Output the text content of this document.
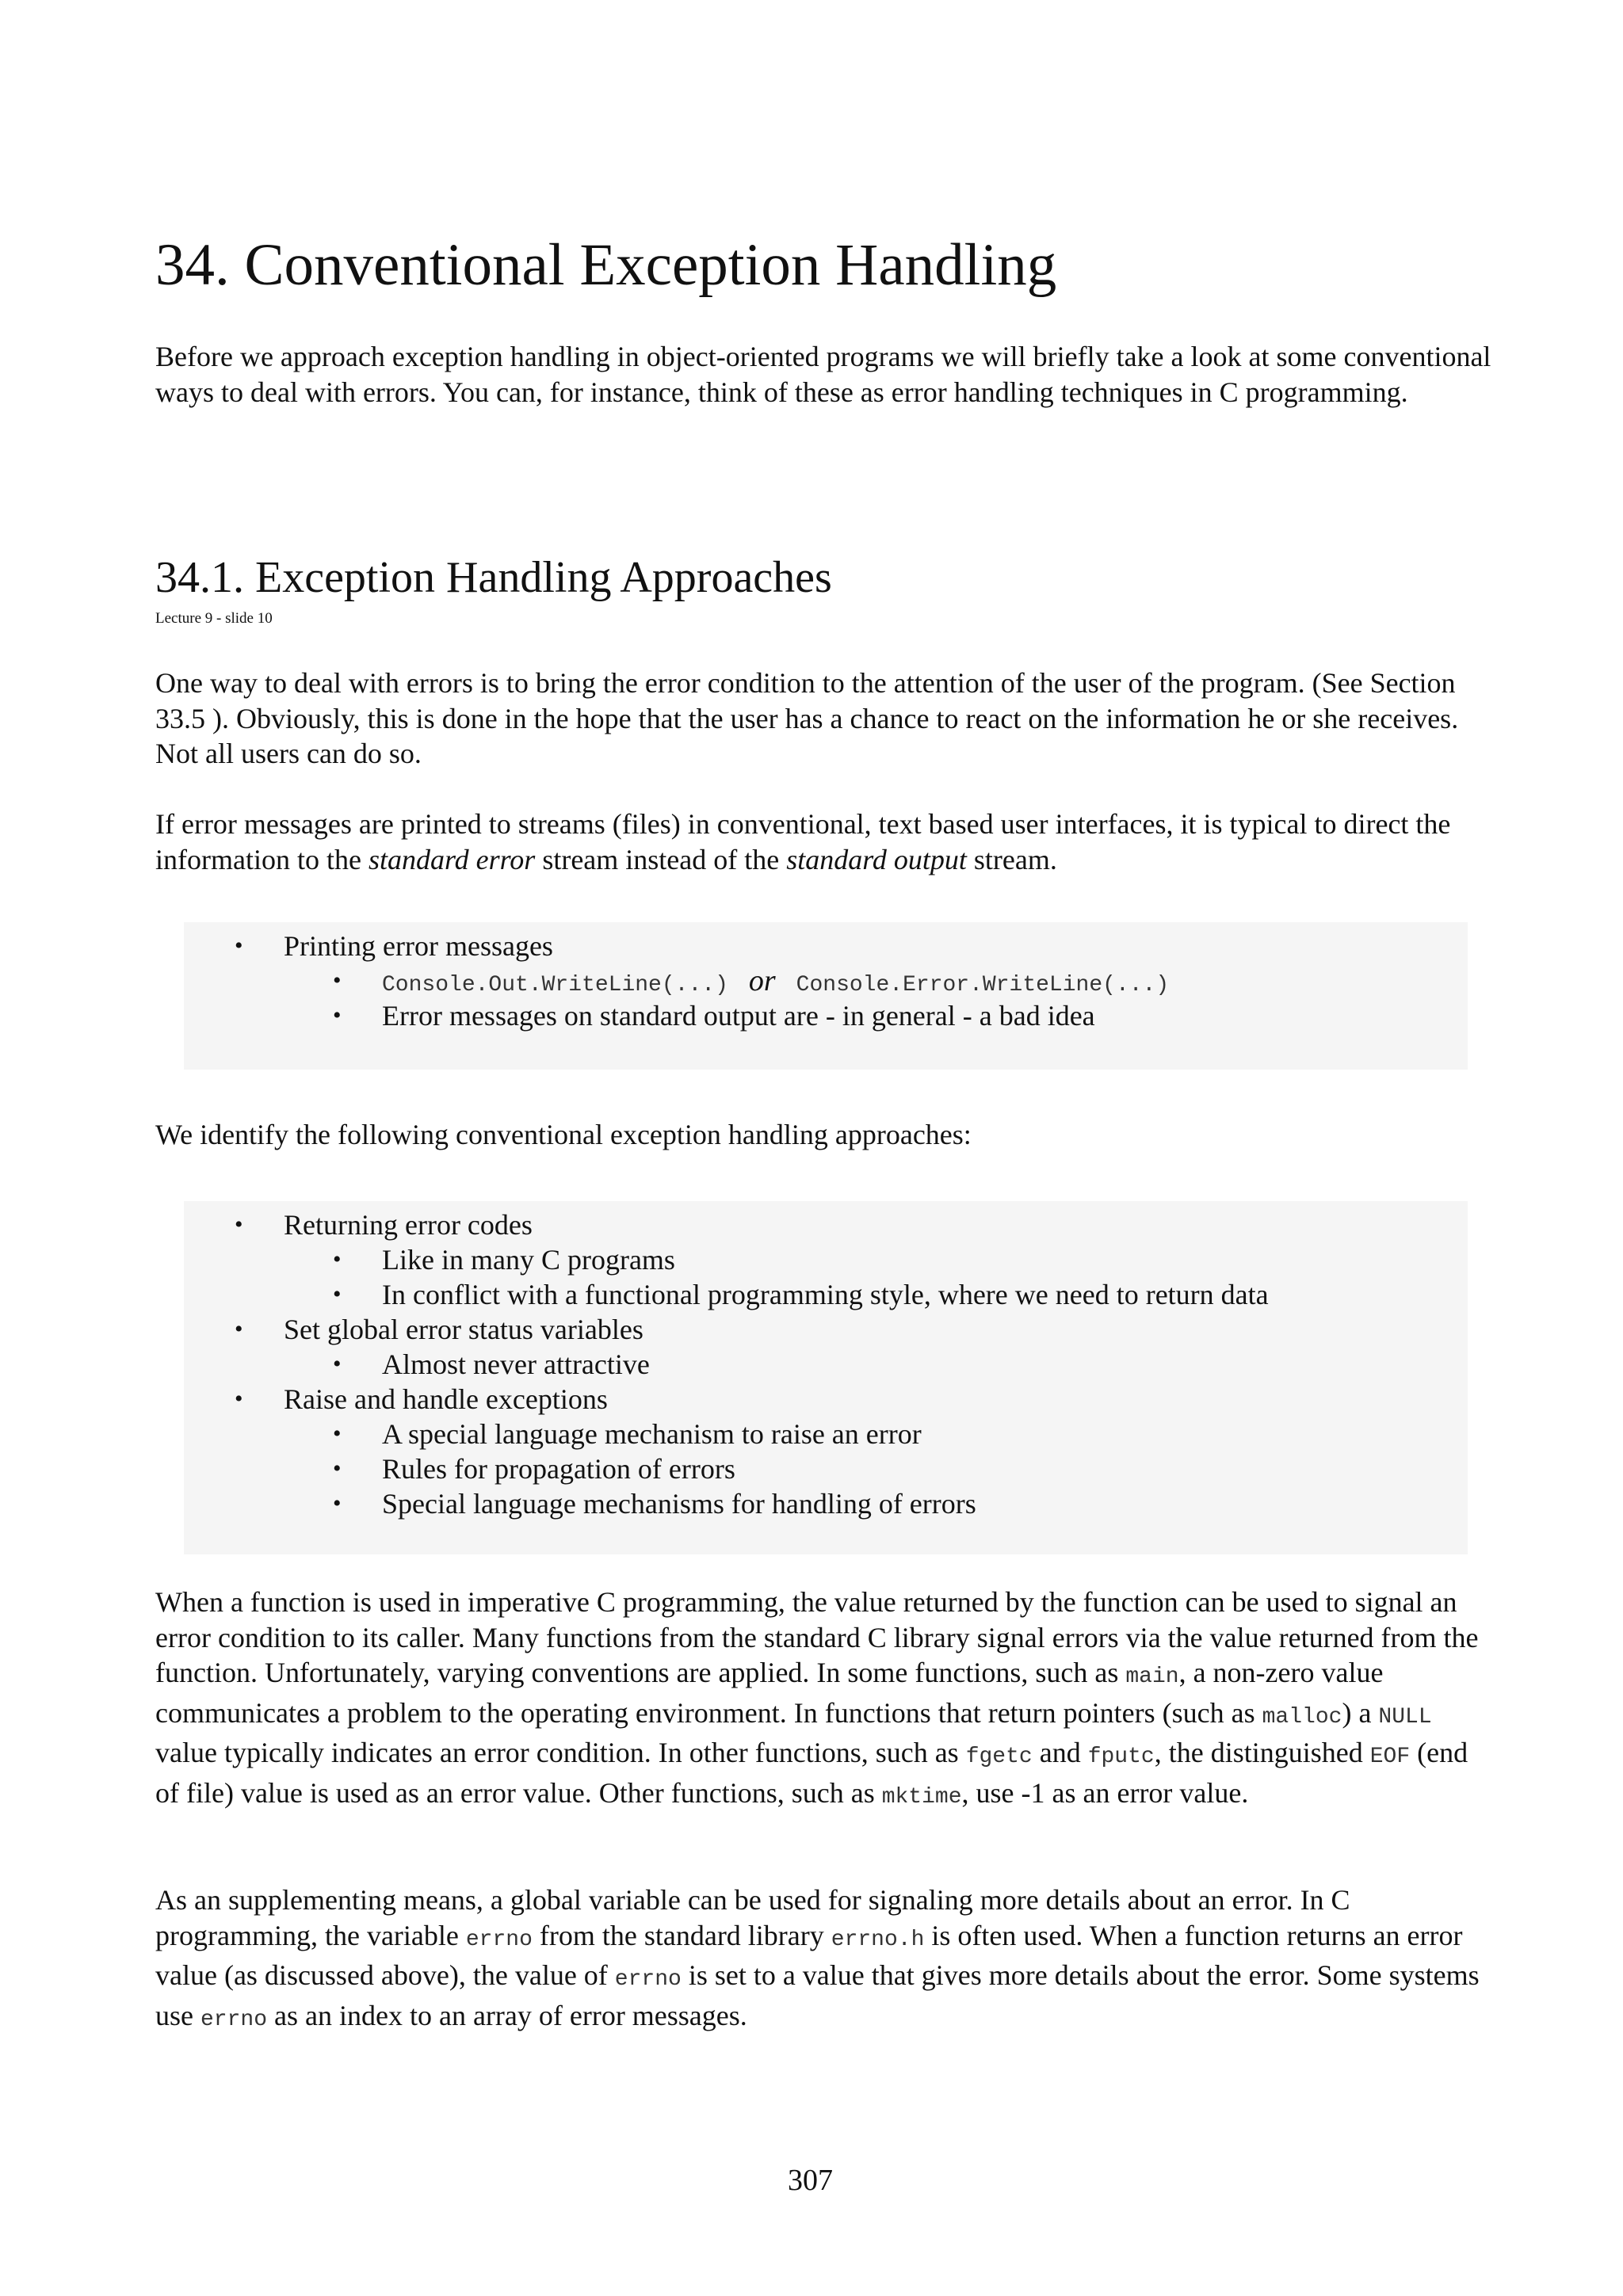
34. Conventional Exception Handling

Before we approach exception handling in object-oriented programs we will briefly take a look at some conventional ways to deal with errors. You can, for instance, think of these as error handling techniques in C programming.

34.1. Exception Handling Approaches
Lecture 9 - slide 10

One way to deal with errors is to bring the error condition to the attention of the user of the program. (See Section 33.5 ). Obviously, this is done in the hope that the user has a chance to react on the information he or she receives. Not all users can do so.

If error messages are printed to streams (files) in conventional, text based user interfaces, it is typical to direct the information to the standard error stream instead of the standard output stream.

• Printing error messages
• Console.Out.WriteLine(...) or Console.Error.WriteLine(...)
• Error messages on standard output are - in general - a bad idea

We identify the following conventional exception handling approaches:

• Returning error codes
• Like in many C programs
• In conflict with a functional programming style, where we need to return data
• Set global error status variables
• Almost never attractive
• Raise and handle exceptions
• A special language mechanism to raise an error
• Rules for propagation of errors
• Special language mechanisms for handling of errors

When a function is used in imperative C programming, the value returned by the function can be used to signal an error condition to its caller. Many functions from the standard C library signal errors via the value returned from the function. Unfortunately, varying conventions are applied. In some functions, such as main, a non-zero value communicates a problem to the operating environment. In functions that return pointers (such as malloc) a NULL value typically indicates an error condition. In other functions, such as fgetc and fputc, the distinguished EOF (end of file) value is used as an error value. Other functions, such as mktime, use -1 as an error value.

As an supplementing means, a global variable can be used for signaling more details about an error. In C programming, the variable errno from the standard library errno.h is often used. When a function returns an error value (as discussed above), the value of errno is set to a value that gives more details about the error. Some systems use errno as an index to an array of error messages.

307
